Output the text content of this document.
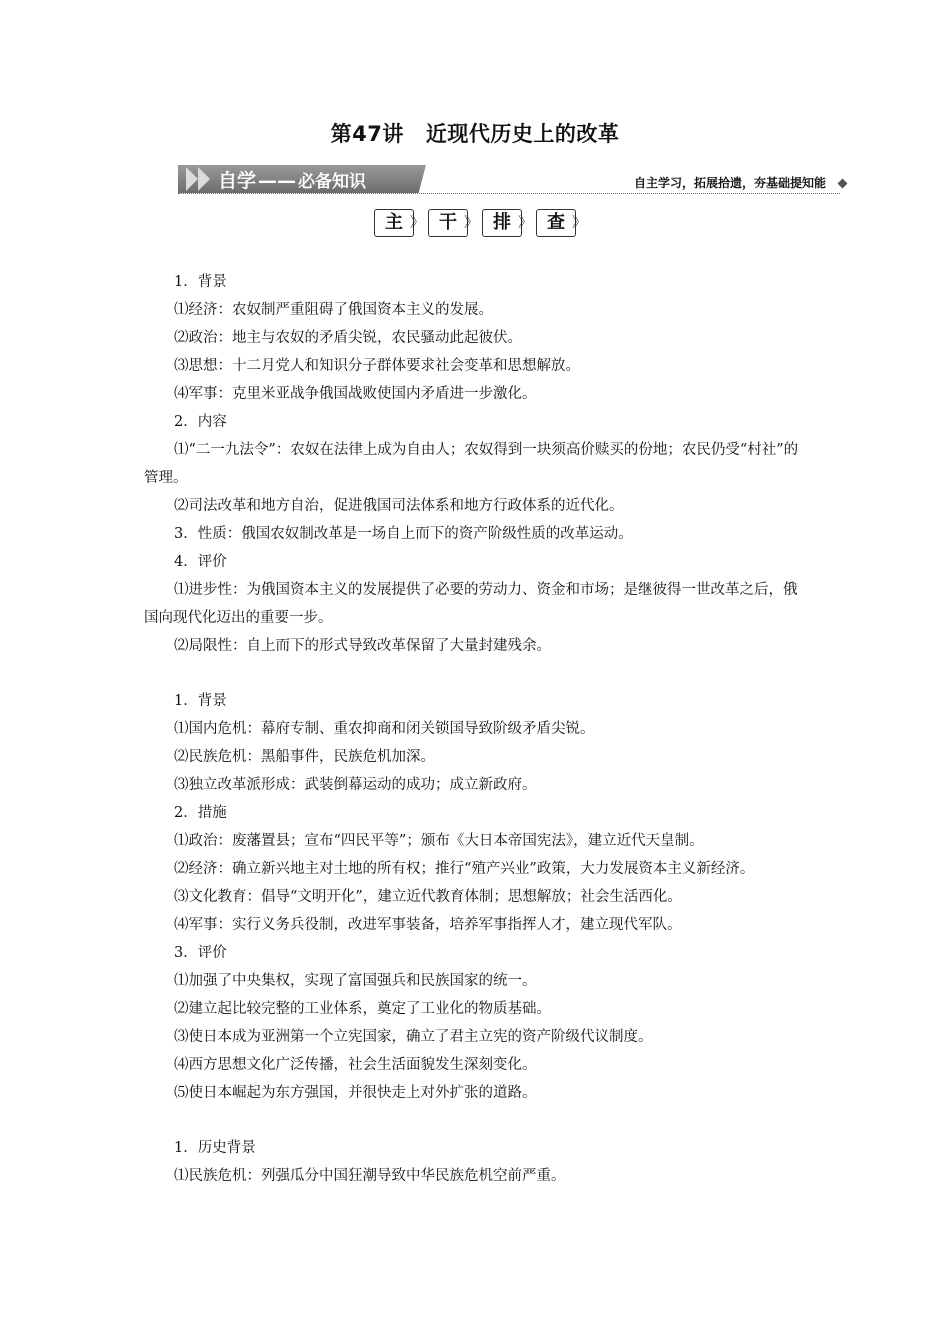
第47讲 近现代历史上的改革
自学 —— 必备知识	自主学习，拓展拾遗，夯基础提知能
主 》 干 》 排 》 查 》

1．背景

⑴经济：农奴制严重阻碍了俄国资本主义的发展。

⑵政治：地主与农奴的矛盾尖锐，农民骚动此起彼伏。

⑶思想：十二月党人和知识分子群体要求社会变革和思想解放。

⑷军事：克里米亚战争俄国战败使国内矛盾进一步激化。

2．内容

⑴“二一九法令”：农奴在法律上成为自由人；农奴得到一块须高价赎买的份地；农民仍受“村社”的管理。

⑵司法改革和地方自治，促进俄国司法体系和地方行政体系的近代化。

3．性质：俄国农奴制改革是一场自上而下的资产阶级性质的改革运动。

4．评价

⑴进步性：为俄国资本主义的发展提供了必要的劳动力、资金和市场；是继彼得一世改革之后，俄国向现代化迈出的重要一步。

⑵局限性：自上而下的形式导致改革保留了大量封建残余。

1．背景

⑴国内危机：幕府专制、重农抑商和闭关锁国导致阶级矛盾尖锐。

⑵民族危机：黑船事件，民族危机加深。

⑶独立改革派形成：武装倒幕运动的成功；成立新政府。

2．措施

⑴政治：废藩置县；宣布“四民平等”；颁布《大日本帝国宪法》，建立近代天皇制。

⑵经济：确立新兴地主对土地的所有权；推行“殖产兴业”政策，大力发展资本主义新经济。

⑶文化教育：倡导“文明开化”，建立近代教育体制；思想解放；社会生活西化。

⑷军事：实行义务兵役制，改进军事装备，培养军事指挥人才，建立现代军队。

3．评价

⑴加强了中央集权，实现了富国强兵和民族国家的统一。

⑵建立起比较完整的工业体系，奠定了工业化的物质基础。

⑶使日本成为亚洲第一个立宪国家，确立了君主立宪的资产阶级代议制度。

⑷西方思想文化广泛传播，社会生活面貌发生深刻变化。

⑸使日本崛起为东方强国，并很快走上对外扩张的道路。

1．历史背景

⑴民族危机：列强瓜分中国狂潮导致中华民族危机空前严重。
